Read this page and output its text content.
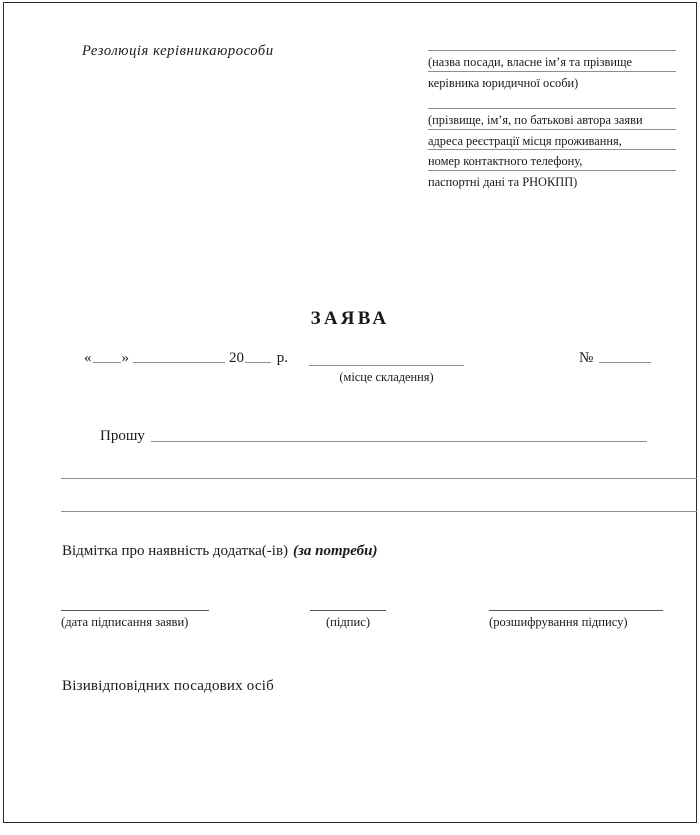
Резолюція керівникаюрособи
(назва посади, власне імʼя та прізвище
керівника юридичної особи)
(прізвище, імʼя, по батькові автора заяви
адреса реєстрації місця проживання,
номер контактного телефону,
паспортні дані та РНОКПП)
ЗАЯВА
« »	20 р.
(місце складення)
№
Прошу
Відмітка про наявність додатка(-ів) (за потреби)
(дата підписання заяви)	(підпис)	(розшифрування підпису)
Візивідповідних посадових осіб
